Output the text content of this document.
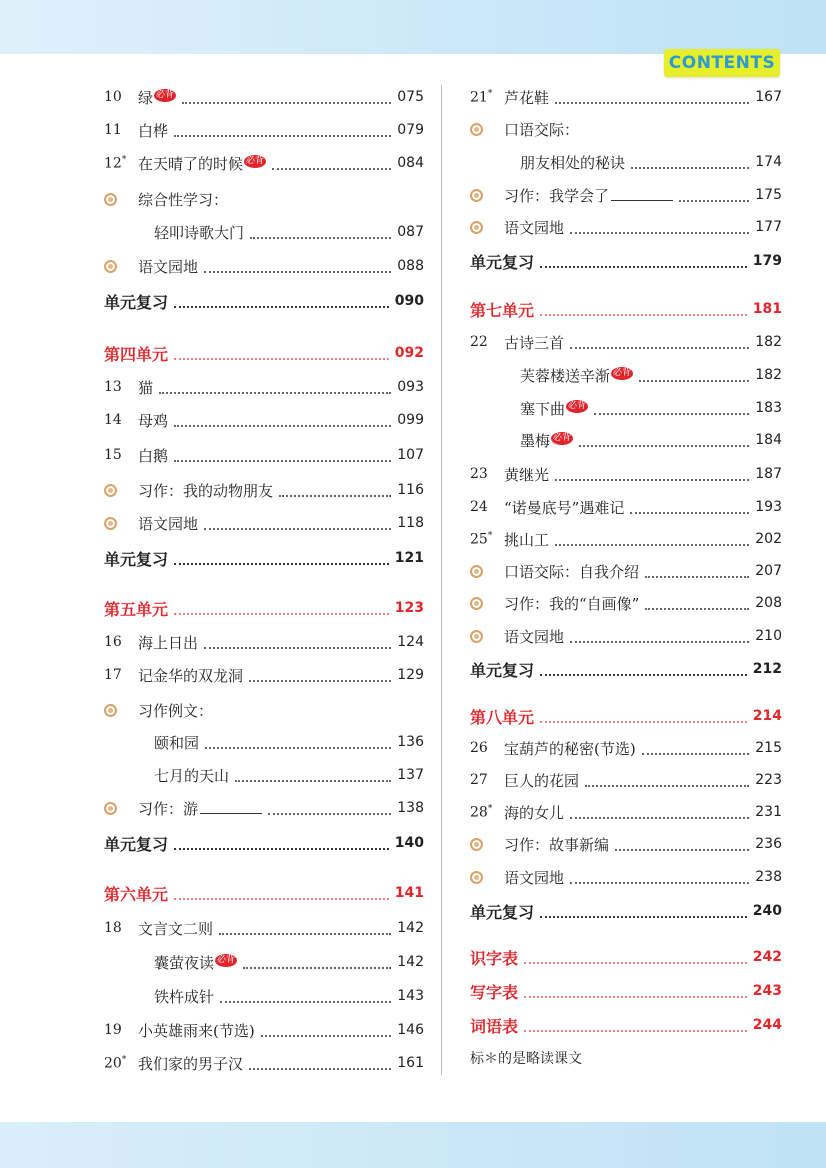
CONTENTS
10	绿 必背	075
11	白桦	079
12* 在天晴了的时候 必背	084
综合性学习：
轻叩诗歌大门	087
语文园地	088
单元复习	090
第四单元	092
13	猫	093
14	母鸡	099
15	白鹅	107
习作：我的动物朋友	116
语文园地	118
单元复习	121
第五单元	123
16	海上日出	124
17	记金华的双龙洞	129
习作例文：
颐和园	136
七月的天山	137
习作：游	138
单元复习	140
第六单元	141
18	文言文二则	142
囊萤夜读 必背	142
铁杵成针	143
19	小英雄雨来(节选)	146
20* 我们家的男子汉	161
21* 芦花鞋	167
口语交际：
朋友相处的秘诀	174
习作：我学会了	175
语文园地	177
单元复习	179
第七单元	181
22	古诗三首	182
芙蓉楼送辛渐 必背	182
塞下曲 必背	183
墨梅 必背	184
23	黄继光	187
24	“诺曼底号”遇难记	193
25* 挑山工	202
口语交际：自我介绍	207
习作：我的“自画像”	208
语文园地	210
单元复习	212
第八单元	214
26	宝葫芦的秘密(节选)	215
27	巨人的花园	223
28* 海的女儿	231
习作：故事新编	236
语文园地	238
单元复习	240
识字表	242
写字表	243
词语表	244
标＊的是略读课文
